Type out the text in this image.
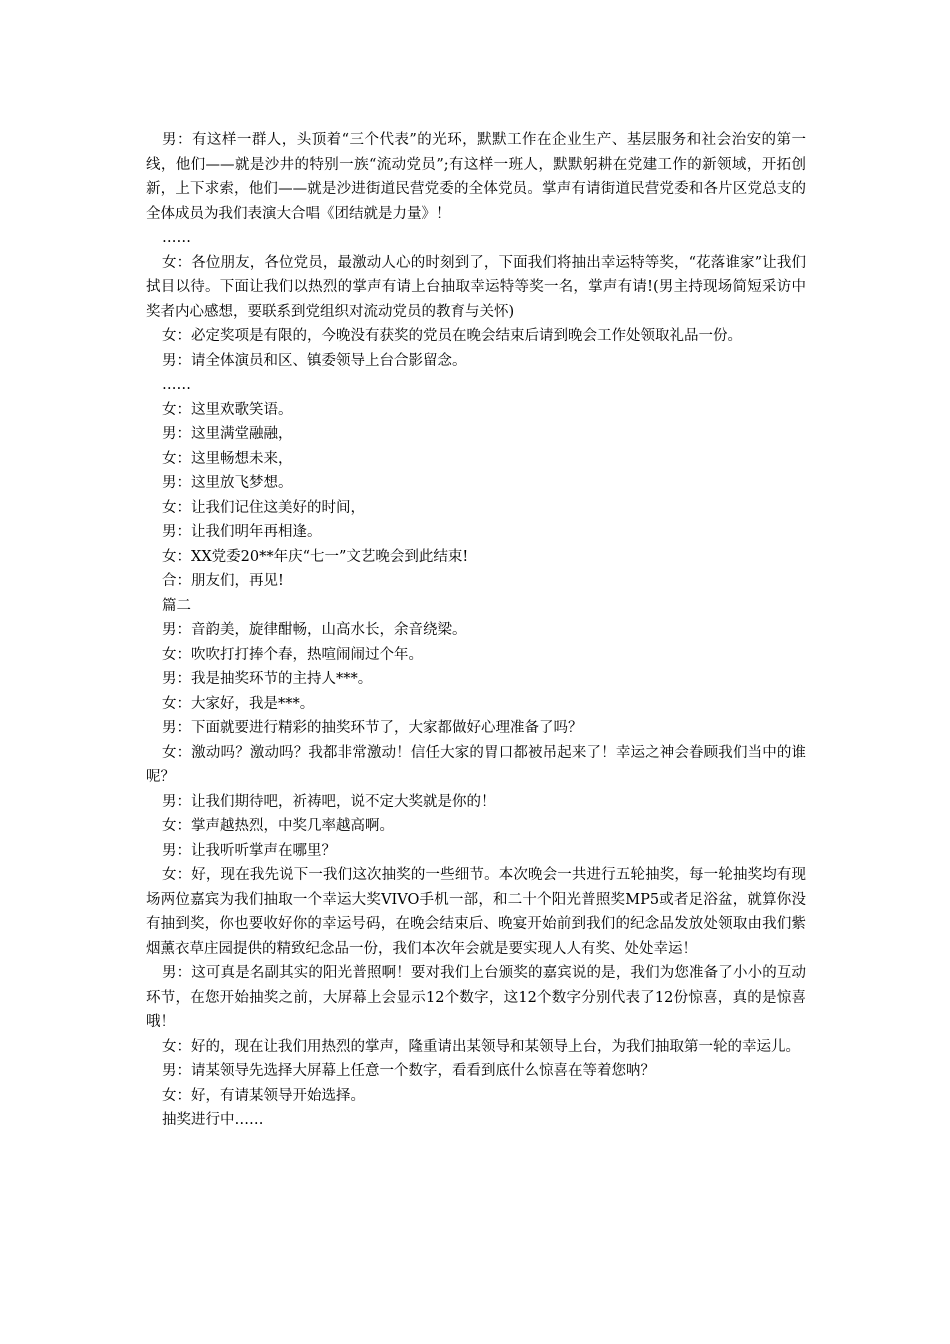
男：有这样一群人，头顶着“三个代表”的光环，默默工作在企业生产、基层服务和社会治安的第一线，他们——就是沙井的特别一族“流动党员”;有这样一班人，默默躬耕在党建工作的新领域，开拓创新，上下求索，他们——就是沙进街道民营党委的全体党员。掌声有请街道民营党委和各片区党总支的全体成员为我们表演大合唱《团结就是力量》！

……

女：各位朋友，各位党员，最激动人心的时刻到了，下面我们将抽出幸运特等奖，“花落谁家”让我们拭目以待。下面让我们以热烈的掌声有请上台抽取幸运特等奖一名，掌声有请!(男主持现场简短采访中奖者内心感想，要联系到党组织对流动党员的教育与关怀)

女：必定奖项是有限的，今晚没有获奖的党员在晚会结束后请到晚会工作处领取礼品一份。

男：请全体演员和区、镇委领导上台合影留念。

……

女：这里欢歌笑语。

男：这里满堂融融，

女：这里畅想未来，

男：这里放飞梦想。

女：让我们记住这美好的时间，

男：让我们明年再相逢。

女：XX党委20**年庆“七一”文艺晚会到此结束!

合：朋友们，再见!

篇二

男：音韵美，旋律酣畅，山高水长，余音绕梁。

女：吹吹打打捧个春，热喧闹闹过个年。

男：我是抽奖环节的主持人***。

女：大家好，我是***。

男：下面就要进行精彩的抽奖环节了，大家都做好心理准备了吗？

女：激动吗？激动吗？我都非常激动！信任大家的胃口都被吊起来了！幸运之神会眷顾我们当中的谁呢？

男：让我们期待吧，祈祷吧，说不定大奖就是你的！

女：掌声越热烈，中奖几率越高啊。

男：让我听听掌声在哪里？

女：好，现在我先说下一我们这次抽奖的一些细节。本次晚会一共进行五轮抽奖，每一轮抽奖均有现场两位嘉宾为我们抽取一个幸运大奖VIVO手机一部，和二十个阳光普照奖MP5或者足浴盆，就算你没有抽到奖，你也要收好你的幸运号码，在晚会结束后、晚宴开始前到我们的纪念品发放处领取由我们紫烟薰衣草庄园提供的精致纪念品一份，我们本次年会就是要实现人人有奖、处处幸运！

男：这可真是名副其实的阳光普照啊！要对我们上台颁奖的嘉宾说的是，我们为您准备了小小的互动环节，在您开始抽奖之前，大屏幕上会显示12个数字，这12个数字分别代表了12份惊喜，真的是惊喜哦！

女：好的，现在让我们用热烈的掌声，隆重请出某领导和某领导上台，为我们抽取第一轮的幸运儿。

男：请某领导先选择大屏幕上任意一个数字，看看到底什么惊喜在等着您呐？

女：好，有请某领导开始选择。

抽奖进行中……
